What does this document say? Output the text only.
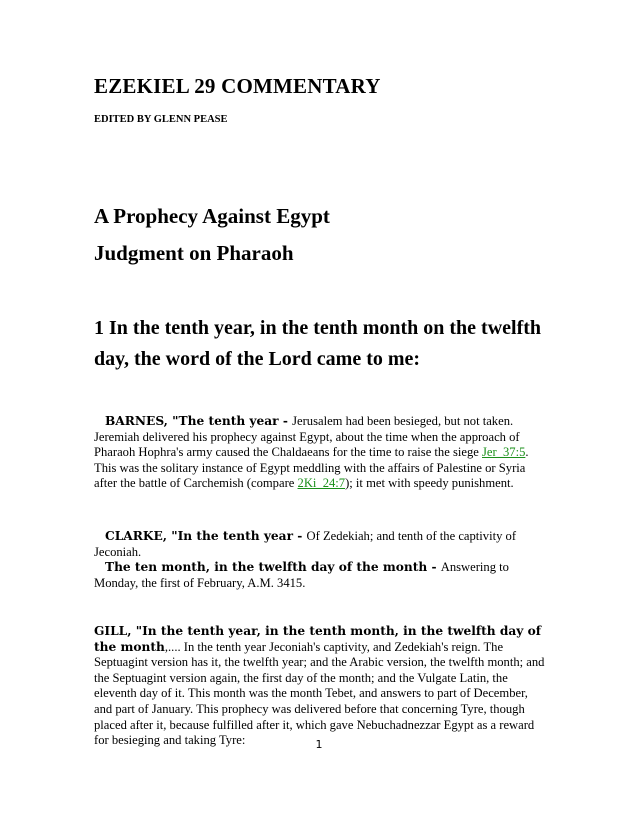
EZEKIEL 29 COMMENTARY
EDITED BY GLENN PEASE
A Prophecy Against Egypt
Judgment on Pharaoh
1 In the tenth year, in the tenth month on the twelfth day, the word of the Lord came to me:

BARNES, "The tenth year - Jerusalem had been besieged, but not taken. Jeremiah delivered his prophecy against Egypt, about the time when the approach of Pharaoh Hophra's army caused the Chaldaeans for the time to raise the siege Jer_37:5. This was the solitary instance of Egypt meddling with the affairs of Palestine or Syria after the battle of Carchemish (compare 2Ki_24:7); it met with speedy punishment.

CLARKE, "In the tenth year - Of Zedekiah; and tenth of the captivity of Jeconiah.

The ten month, in the twelfth day of the month - Answering to Monday, the first of February, A.M. 3415.

GILL, "In the tenth year, in the tenth month, in the twelfth day of the month,.... In the tenth year Jeconiah's captivity, and Zedekiah's reign. The Septuagint version has it, the twelfth year; and the Arabic version, the twelfth month; and the Septuagint version again, the first day of the month; and the Vulgate Latin, the eleventh day of it. This month was the month Tebet, and answers to part of December, and part of January. This prophecy was delivered before that concerning Tyre, though placed after it, because fulfilled after it, which gave Nebuchadnezzar Egypt as a reward for besieging and taking Tyre:	1
